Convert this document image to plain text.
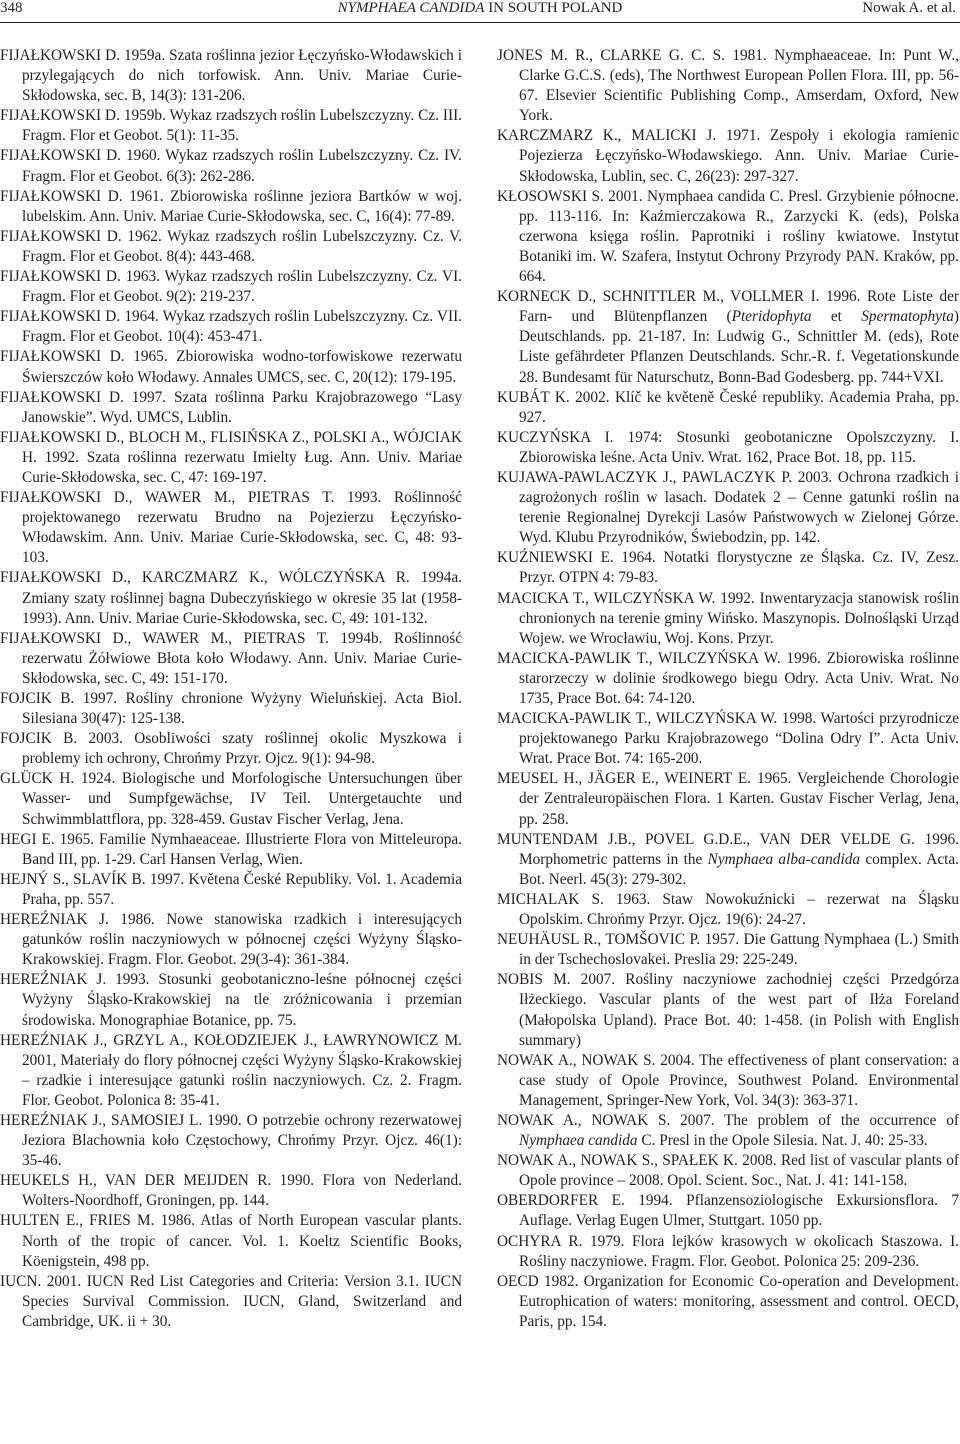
348	NYMPHAEA CANDIDA IN SOUTH POLAND	Nowak A. et al.
FIJAŁKOWSKI D. 1959a. Szata roślinna jezior Łęczyńsko-Włodawskich i przylegających do nich torfowisk. Ann. Univ. Mariae Curie-Skłodowska, sec. B, 14(3): 131-206.
FIJAŁKOWSKI D. 1959b. Wykaz rzadszych roślin Lubelszczyzny. Cz. III. Fragm. Flor et Geobot. 5(1): 11-35.
FIJAŁKOWSKI D. 1960. Wykaz rzadszych roślin Lubelszczyzny. Cz. IV. Fragm. Flor et Geobot. 6(3): 262-286.
FIJAŁKOWSKI D. 1961. Zbiorowiska roślinne jeziora Bartków w woj. lubelskim. Ann. Univ. Mariae Curie-Skłodowska, sec. C, 16(4): 77-89.
FIJAŁKOWSKI D. 1962. Wykaz rzadszych roślin Lubelszczyzny. Cz. V. Fragm. Flor et Geobot. 8(4): 443-468.
FIJAŁKOWSKI D. 1963. Wykaz rzadszych roślin Lubelszczyzny. Cz. VI. Fragm. Flor et Geobot. 9(2): 219-237.
FIJAŁKOWSKI D. 1964. Wykaz rzadszych roślin Lubelszczyzny. Cz. VII. Fragm. Flor et Geobot. 10(4): 453-471.
FIJAŁKOWSKI D. 1965. Zbiorowiska wodno-torfowiskowe rezerwatu Świerszczów koło Włodawy. Annales UMCS, sec. C, 20(12): 179-195.
FIJAŁKOWSKI D. 1997. Szata roślinna Parku Krajobrazowego “Lasy Janowskie”. Wyd. UMCS, Lublin.
FIJAŁKOWSKI D., BLOCH M., FLISIŃSKA Z., POLSKI A., WÓJCIAK H. 1992. Szata roślinna rezerwatu Imielty Ług. Ann. Univ. Mariae Curie-Skłodowska, sec. C, 47: 169-197.
FIJAŁKOWSKI D., WAWER M., PIETRAS T. 1993. Roślinność projektowanego rezerwatu Brudno na Pojezierzu Łęczyńsko-Włodawskim. Ann. Univ. Mariae Curie-Skłodowska, sec. C, 48: 93-103.
FIJAŁKOWSKI D., KARCZMARZ K., WÓLCZYŃSKA R. 1994a. Zmiany szaty roślinnej bagna Dubeczyńskiego w okresie 35 lat (1958-1993). Ann. Univ. Mariae Curie-Skłodowska, sec. C, 49: 101-132.
FIJAŁKOWSKI D., WAWER M., PIETRAS T. 1994b. Roślinność rezerwatu Żółwiowe Błota koło Włodawy. Ann. Univ. Mariae Curie-Skłodowska, sec. C, 49: 151-170.
FOJCIK B. 1997. Rośliny chronione Wyżyny Wieluńskiej. Acta Biol. Silesiana 30(47): 125-138.
FOJCIK B. 2003. Osobliwości szaty roślinnej okolic Myszkowa i problemy ich ochrony, Chrońmy Przyr. Ojcz. 9(1): 94-98.
GLÜCK H. 1924. Biologische und Morfologische Untersuchungen über Wasser- und Sumpfgewächse, IV Teil. Untergetauchte und Schwimmblattflora, pp. 328-459. Gustav Fischer Verlag, Jena.
HEGI E. 1965. Familie Nymhaeaceae. Illustrierte Flora von Mitteleuropa. Band III, pp. 1-29. Carl Hansen Verlag, Wien.
HEJNÝ S., SLAVÍK B. 1997. Květena České Republiky. Vol. 1. Academia Praha, pp. 557.
HEREŹNIAK J. 1986. Nowe stanowiska rzadkich i interesujących gatunków roślin naczyniowych w północnej części Wyżyny Śląsko-Krakowskiej. Fragm. Flor. Geobot. 29(3-4): 361-384.
HEREŹNIAK J. 1993. Stosunki geobotaniczno-leśne północnej części Wyżyny Śląsko-Krakowskiej na tle zróżnicowania i przemian środowiska. Monographiae Botanice, pp. 75.
HEREŹNIAK J., GRZYL A., KOŁODZIEJEK J., ŁAWRYNOWICZ M. 2001, Materiały do flory północnej części Wyżyny Śląsko-Krakowskiej – rzadkie i interesujące gatunki roślin naczyniowych. Cz. 2. Fragm. Flor. Geobot. Polonica 8: 35-41.
HEREŹNIAK J., SAMOSIEJ L. 1990. O potrzebie ochrony rezerwatowej Jeziora Blachownia koło Częstochowy, Chrońmy Przyr. Ojcz. 46(1): 35-46.
HEUKELS H., VAN DER MEIJDEN R. 1990. Flora von Nederland. Wolters-Noordhoff, Groningen, pp. 144.
HULTEN E., FRIES M. 1986. Atlas of North European vascular plants. North of the tropic of cancer. Vol. 1. Koeltz Scientific Books, Köenigstein, 498 pp.
IUCN. 2001. IUCN Red List Categories and Criteria: Version 3.1. IUCN Species Survival Commission. IUCN, Gland, Switzerland and Cambridge, UK. ii + 30.
JONES M. R., CLARKE G. C. S. 1981. Nymphaeaceae. In: Punt W., Clarke G.C.S. (eds), The Northwest European Pollen Flora. III, pp. 56-67. Elsevier Scientific Publishing Comp., Amserdam, Oxford, New York.
KARCZMARZ K., MALICKI J. 1971. Zespoły i ekologia ramienic Pojezierza Łęczyńsko-Włodawskiego. Ann. Univ. Mariae Curie-Skłodowska, Lublin, sec. C, 26(23): 297-327.
KŁOSOWSKI S. 2001. Nymphaea candida C. Presl. Grzybienie północne. pp. 113-116. In: Kaźmierczakowa R., Zarzycki K. (eds), Polska czerwona księga roślin. Paprotniki i rośliny kwiatowe. Instytut Botaniki im. W. Szafera, Instytut Ochrony Przyrody PAN. Kraków, pp. 664.
KORNECK D., SCHNITTLER M., VOLLMER I. 1996. Rote Liste der Farn- und Blütenpflanzen (Pteridophyta et Spermatophyta) Deutschlands. pp. 21-187. In: Ludwig G., Schnittler M. (eds), Rote Liste gefährdeter Pflanzen Deutschlands. Schr.-R. f. Vegetationskunde 28. Bundesamt für Naturschutz, Bonn-Bad Godesberg. pp. 744+VXI.
KUBÁT K. 2002. Klíč ke květeně České republiky. Academia Praha, pp. 927.
KUCZYŃSKA I. 1974: Stosunki geobotaniczne Opolszczyzny. I. Zbiorowiska leśne. Acta Univ. Wrat. 162, Prace Bot. 18, pp. 115.
KUJAWA-PAWLACZYK J., PAWLACZYK P. 2003. Ochrona rzadkich i zagrożonych roślin w lasach. Dodatek 2 – Cenne gatunki roślin na terenie Regionalnej Dyrekcji Lasów Państwowych w Zielonej Górze. Wyd. Klubu Przyrodników, Świebodzin, pp. 142.
KUŹNIEWSKI E. 1964. Notatki florystyczne ze Śląska. Cz. IV, Zesz. Przyr. OTPN 4: 79-83.
MACICKA T., WILCZYŃSKA W. 1992. Inwentaryzacja stanowisk roślin chronionych na terenie gminy Wińsko. Maszynopis. Dolnośląski Urząd Wojew. we Wrocławiu, Woj. Kons. Przyr.
MACICKA-PAWLIK T., WILCZYŃSKA W. 1996. Zbiorowiska roślinne starorzeczy w dolinie środkowego biegu Odry. Acta Univ. Wrat. No 1735, Prace Bot. 64: 74-120.
MACICKA-PAWLIK T., WILCZYŃSKA W. 1998. Wartości przyrodnicze projektowanego Parku Krajobrazowego “Dolina Odry I”. Acta Univ. Wrat. Prace Bot. 74: 165-200.
MEUSEL H., JÄGER E., WEINERT E. 1965. Vergleichende Chorologie der Zentraleuropäischen Flora. 1 Karten. Gustav Fischer Verlag, Jena, pp. 258.
MUNTENDAM J.B., POVEL G.D.E., VAN DER VELDE G. 1996. Morphometric patterns in the Nymphaea alba-candida complex. Acta. Bot. Neerl. 45(3): 279-302.
MICHALAK S. 1963. Staw Nowokuźnicki – rezerwat na Śląsku Opolskim. Chrońmy Przyr. Ojcz. 19(6): 24-27.
NEUHÄUSL R., TOMŠOVIC P. 1957. Die Gattung Nymphaea (L.) Smith in der Tschechoslovakei. Preslia 29: 225-249.
NOBIS M. 2007. Rośliny naczyniowe zachodniej części Przedgórza Iłżeckiego. Vascular plants of the west part of Iłża Foreland (Małopolska Upland). Prace Bot. 40: 1-458. (in Polish with English summary)
NOWAK A., NOWAK S. 2004. The effectiveness of plant conservation: a case study of Opole Province, Southwest Poland. Environmental Management, Springer-New York, Vol. 34(3): 363-371.
NOWAK A., NOWAK S. 2007. The problem of the occurrence of Nymphaea candida C. Presl in the Opole Silesia. Nat. J. 40: 25-33.
NOWAK A., NOWAK S., SPAŁEK K. 2008. Red list of vascular plants of Opole province – 2008. Opol. Scient. Soc., Nat. J. 41: 141-158.
OBERDORFER E. 1994. Pflanzensoziologische Exkursionsflora. 7 Auflage. Verlag Eugen Ulmer, Stuttgart. 1050 pp.
OCHYRA R. 1979. Flora lejków krasowych w okolicach Staszowa. I. Rośliny naczyniowe. Fragm. Flor. Geobot. Polonica 25: 209-236.
OECD 1982. Organization for Economic Co-operation and Development. Eutrophication of waters: monitoring, assessment and control. OECD, Paris, pp. 154.
